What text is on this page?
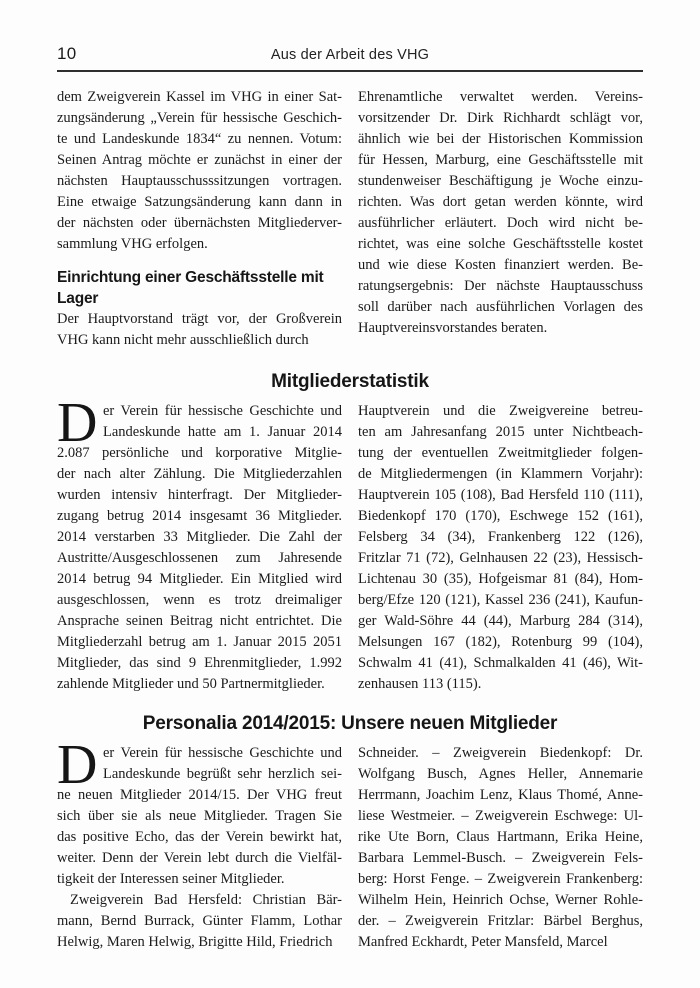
10	Aus der Arbeit des VHG
dem Zweigverein Kassel im VHG in einer Sat-
zungsänderung „Verein für hessische Geschich-
te und Landeskunde 1834“ zu nennen. Votum:
Seinen Antrag möchte er zunächst in einer der
nächsten Hauptausschusssitzungen vortragen.
Eine etwaige Satzungsänderung kann dann in
der nächsten oder übernächsten Mitgliederver-
sammlung VHG erfolgen.
Einrichtung einer Geschäftsstelle mit Lager
Der Hauptvorstand trägt vor, der Großverein
VHG kann nicht mehr ausschließlich durch
Ehrenamtliche verwaltet werden. Vereins-
vorsitzender Dr. Dirk Richhardt schlägt vor,
ähnlich wie bei der Historischen Kommission
für Hessen, Marburg, eine Geschäftsstelle mit
stundenweiser Beschäftigung je Woche einzu-
richten. Was dort getan werden könnte, wird
ausführlicher erläutert. Doch wird nicht be-
richtet, was eine solche Geschäftsstelle kostet
und wie diese Kosten finanziert werden. Be-
ratungsergebnis: Der nächste Hauptausschuss
soll darüber nach ausführlichen Vorlagen des
Hauptvereinsvorstandes beraten.
Mitgliederstatistik
D er Verein für hessische Geschichte und
Landeskunde hatte am 1. Januar 2014
2.087 persönliche und korporative Mitglie-
der nach alter Zählung. Die Mitgliederzahlen
wurden intensiv hinterfragt. Der Mitglieder-
zugang betrug 2014 insgesamt 36 Mitglieder.
2014 verstarben 33 Mitglieder. Die Zahl der
Austritte/Ausgeschlossenen zum Jahresende
2014 betrug 94 Mitglieder. Ein Mitglied wird
ausgeschlossen, wenn es trotz dreimaliger
Ansprache seinen Beitrag nicht entrichtet. Die
Mitgliederzahl betrug am 1. Januar 2015 2051
Mitglieder, das sind 9 Ehrenmitglieder, 1.992
zahlende Mitglieder und 50 Partnermitglieder.
Hauptverein und die Zweigvereine betreu-
ten am Jahresanfang 2015 unter Nichtbeach-
tung der eventuellen Zweitmitglieder folgen-
de Mitgliedermengen (in Klammern Vorjahr):
Hauptverein 105 (108), Bad Hersfeld 110 (111),
Biedenkopf 170 (170), Eschwege 152 (161),
Felsberg 34 (34), Frankenberg 122 (126),
Fritzlar 71 (72), Gelnhausen 22 (23), Hessisch-
Lichtenau 30 (35), Hofgeismar 81 (84), Hom-
berg/Efze 120 (121), Kassel 236 (241), Kaufun-
ger Wald-Söhre 44 (44), Marburg 284 (314),
Melsungen 167 (182), Rotenburg 99 (104),
Schwalm 41 (41), Schmalkalden 41 (46), Wit-
zenhausen 113 (115).
Personalia 2014/2015: Unsere neuen Mitglieder
D er Verein für hessische Geschichte und
Landeskunde begrüßt sehr herzlich sei-
ne neuen Mitglieder 2014/15. Der VHG freut
sich über sie als neue Mitglieder. Tragen Sie
das positive Echo, das der Verein bewirkt hat,
weiter. Denn der Verein lebt durch die Vielfäl-
tigkeit der Interessen seiner Mitglieder.
Zweigverein Bad Hersfeld: Christian Bär-
mann, Bernd Burrack, Günter Flamm, Lothar
Helwig, Maren Helwig, Brigitte Hild, Friedrich
Schneider. – Zweigverein Biedenkopf: Dr.
Wolfgang Busch, Agnes Heller, Annemarie
Herrmann, Joachim Lenz, Klaus Thomé, Anne-
liese Westmeier. – Zweigverein Eschwege: Ul-
rike Ute Born, Claus Hartmann, Erika Heine,
Barbara Lemmel-Busch. – Zweigverein Fels-
berg: Horst Fenge. – Zweigverein Frankenberg:
Wilhelm Hein, Heinrich Ochse, Werner Rohle-
der. – Zweigverein Fritzlar: Bärbel Berghus,
Manfred Eckhardt, Peter Mansfeld, Marcel
